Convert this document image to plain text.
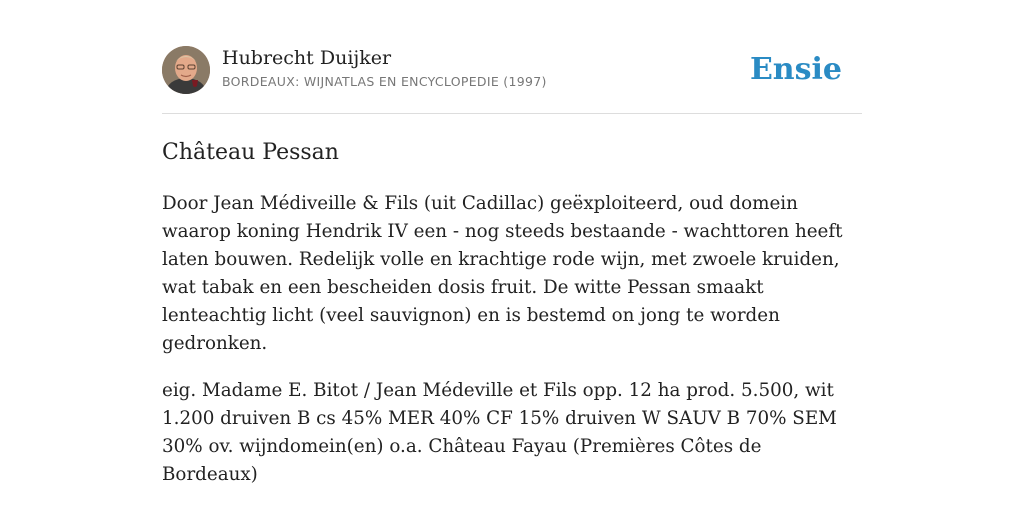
Hubrecht Duijker
BORDEAUX: WIJNATLAS EN ENCYCLOPEDIE (1997)	Ensie
Château Pessan

Door Jean Médiveille & Fils (uit Cadillac) geëxploiteerd, oud domein waarop koning Hendrik IV een - nog steeds bestaande - wachttoren heeft laten bouwen. Redelijk volle en krachtige rode wijn, met zwoele kruiden, wat tabak en een bescheiden dosis fruit. De witte Pessan smaakt lenteachtig licht (veel sauvignon) en is bestemd on jong te worden gedronken.

eig. Madame E. Bitot / Jean Médeville et Fils opp. 12 ha prod. 5.500, wit 1.200 druiven B cs 45% MER 40% CF 15% druiven W SAUV B 70% SEM 30% ov. wijndomein(en) o.a. Château Fayau (Premières Côtes de Bordeaux)
